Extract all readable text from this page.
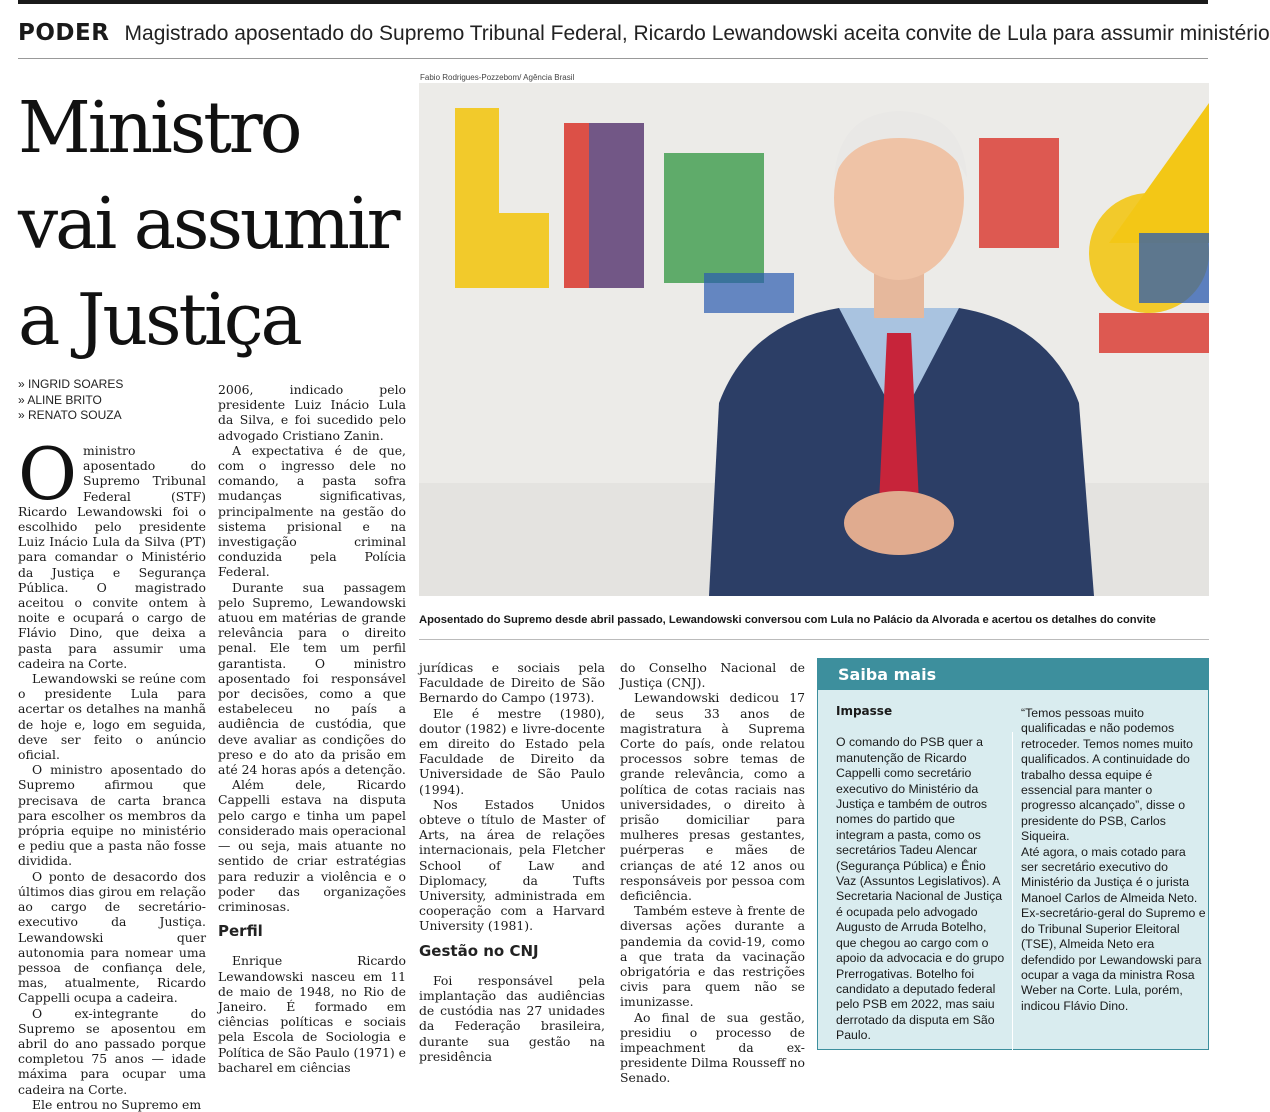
PODER Magistrado aposentado do Supremo Tribunal Federal, Ricardo Lewandowski aceita convite de Lula para assumir ministério
Ministro
vai assumir
a Justiça
» INGRID SOARES
» ALINE BRITO
» RENATO SOUZA
O ministro aposentado do Supremo Tribunal Federal (STF) Ricardo Lewandowski foi o escolhido pelo presidente Luiz Inácio Lula da Silva (PT) para comandar o Ministério da Justiça e Segurança Pública. O magistrado aceitou o convite ontem à noite e ocupará o cargo de Flávio Dino, que deixa a pasta para assumir uma cadeira na Corte.

Lewandowski se reúne com o presidente Lula para acertar os detalhes na manhã de hoje e, logo em seguida, deve ser feito o anúncio oficial.

O ministro aposentado do Supremo afirmou que precisava de carta branca para escolher os membros da própria equipe no ministério e pediu que a pasta não fosse dividida.

O ponto de desacordo dos últimos dias girou em relação ao cargo de secretário-executivo da Justiça. Lewandowski quer autonomia para nomear uma pessoa de confiança dele, mas, atualmente, Ricardo Cappelli ocupa a cadeira.

O ex-integrante do Supremo se aposentou em abril do ano passado porque completou 75 anos — idade máxima para ocupar uma cadeira na Corte.

Ele entrou no Supremo em

2006, indicado pelo presidente Luiz Inácio Lula da Silva, e foi sucedido pelo advogado Cristiano Zanin.

A expectativa é de que, com o ingresso dele no comando, a pasta sofra mudanças significativas, principalmente na gestão do sistema prisional e na investigação criminal conduzida pela Polícia Federal.

Durante sua passagem pelo Supremo, Lewandowski atuou em matérias de grande relevância para o direito penal. Ele tem um perfil garantista. O ministro aposentado foi responsável por decisões, como a que estabeleceu no país a audiência de custódia, que deve avaliar as condições do preso e do ato da prisão em até 24 horas após a detenção.

Além dele, Ricardo Cappelli estava na disputa pelo cargo e tinha um papel considerado mais operacional — ou seja, mais atuante no sentido de criar estratégias para reduzir a violência e o poder das organizações criminosas.

Perfil

Enrique Ricardo Lewandowski nasceu em 11 de maio de 1948, no Rio de Janeiro. É formado em ciências políticas e sociais pela Escola de Sociologia e Política de São Paulo (1971) e bacharel em ciências

Fabio Rodrigues-Pozzebom/ Agência Brasil
Aposentado do Supremo desde abril passado, Lewandowski conversou com Lula no Palácio da Alvorada e acertou os detalhes do convite

jurídicas e sociais pela Faculdade de Direito de São Bernardo do Campo (1973).

Ele é mestre (1980), doutor (1982) e livre-docente em direito do Estado pela Faculdade de Direito da Universidade de São Paulo (1994).

Nos Estados Unidos obteve o título de Master of Arts, na área de relações internacionais, pela Fletcher School of Law and Diplomacy, da Tufts University, administrada em cooperação com a Harvard University (1981).

Gestão no CNJ

Foi responsável pela implantação das audiências de custódia nas 27 unidades da Federação brasileira, durante sua gestão na presidência

do Conselho Nacional de Justiça (CNJ).

Lewandowski dedicou 17 de seus 33 anos de magistratura à Suprema Corte do país, onde relatou processos sobre temas de grande relevância, como a política de cotas raciais nas universidades, o direito à prisão domiciliar para mulheres presas gestantes, puérperas e mães de crianças de até 12 anos ou responsáveis por pessoa com deficiência.

Também esteve à frente de diversas ações durante a pandemia da covid-19, como a que trata da vacinação obrigatória e das restrições civis para quem não se imunizasse.

Ao final de sua gestão, presidiu o processo de impeachment da ex-presidente Dilma Rousseff no Senado.

Saiba mais
Impasse

O comando do PSB quer a manutenção de Ricardo Cappelli como secretário executivo do Ministério da Justiça e também de outros nomes do partido que integram a pasta, como os secretários Tadeu Alencar (Segurança Pública) e Ênio Vaz (Assuntos Legislativos). A Secretaria Nacional de Justiça é ocupada pelo advogado Augusto de Arruda Botelho, que chegou ao cargo com o apoio da advocacia e do grupo Prerrogativas. Botelho foi candidato a deputado federal pelo PSB em 2022, mas saiu derrotado da disputa em São Paulo.

“Temos pessoas muito qualificadas e não podemos retroceder. Temos nomes muito qualificados. A continuidade do trabalho dessa equipe é essencial para manter o progresso alcançado”, disse o presidente do PSB, Carlos Siqueira.

Até agora, o mais cotado para ser secretário executivo do Ministério da Justiça é o jurista Manoel Carlos de Almeida Neto. Ex-secretário-geral do Supremo e do Tribunal Superior Eleitoral (TSE), Almeida Neto era defendido por Lewandowski para ocupar a vaga da ministra Rosa Weber na Corte. Lula, porém, indicou Flávio Dino.
